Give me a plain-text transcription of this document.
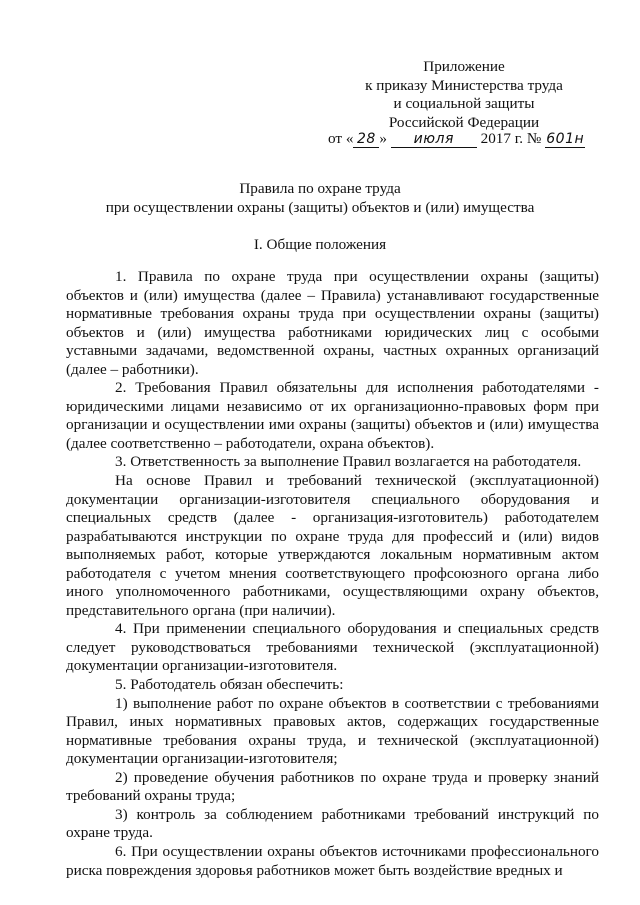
Приложение
к приказу Министерства труда
и социальной защиты
Российской Федерации
от « 28 » июля 2017 г. № 601н
Правила по охране труда
при осуществлении охраны (защиты) объектов и (или) имущества
I. Общие положения

1. Правила по охране труда при осуществлении охраны (защиты) объектов и (или) имущества (далее – Правила) устанавливают государственные нормативные требования охраны труда при осуществлении охраны (защиты) объектов и (или) имущества работниками юридических лиц с особыми уставными задачами, ведомственной охраны, частных охранных организаций (далее – работники).

2. Требования Правил обязательны для исполнения работодателями - юридическими лицами независимо от их организационно-правовых форм при организации и осуществлении ими охраны (защиты) объектов и (или) имущества (далее соответственно – работодатели, охрана объектов).

3. Ответственность за выполнение Правил возлагается на работодателя.

На основе Правил и требований технической (эксплуатационной) документации организации-изготовителя специального оборудования и специальных средств (далее - организация-изготовитель) работодателем разрабатываются инструкции по охране труда для профессий и (или) видов выполняемых работ, которые утверждаются локальным нормативным актом работодателя с учетом мнения соответствующего профсоюзного органа либо иного уполномоченного работниками, осуществляющими охрану объектов, представительного органа (при наличии).

4. При применении специального оборудования и специальных средств следует руководствоваться требованиями технической (эксплуатационной) документации организации-изготовителя.

5. Работодатель обязан обеспечить:

1) выполнение работ по охране объектов в соответствии с требованиями Правил, иных нормативных правовых актов, содержащих государственные нормативные требования охраны труда, и технической (эксплуатационной) документации организации-изготовителя;

2) проведение обучения работников по охране труда и проверку знаний требований охраны труда;

3) контроль за соблюдением работниками требований инструкций по охране труда.

6. При осуществлении охраны объектов источниками профессионального риска повреждения здоровья работников может быть воздействие вредных и
